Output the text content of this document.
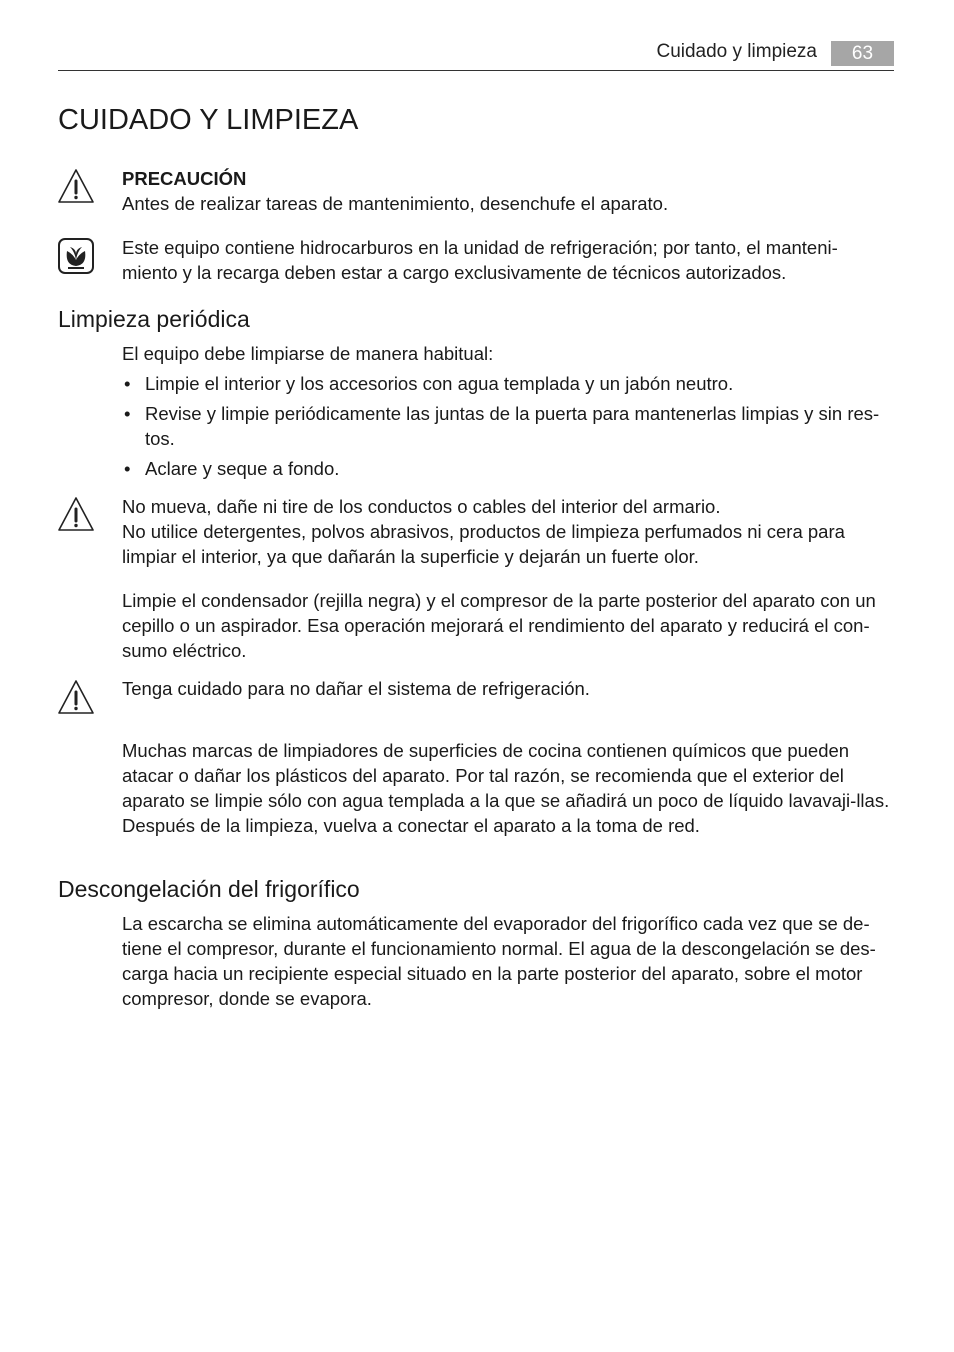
Cuidado y limpieza	63
CUIDADO Y LIMPIEZA

PRECAUCIÓN

Antes de realizar tareas de mantenimiento, desenchufe el aparato.

Este equipo contiene hidrocarburos en la unidad de refrigeración; por tanto, el manteni-

miento y la recarga deben estar a cargo exclusivamente de técnicos autorizados.

Limpieza periódica

El equipo debe limpiarse de manera habitual:

• Limpie el interior y los accesorios con agua templada y un jabón neutro.
• Revise y limpie periódicamente las juntas de la puerta para mantenerlas limpias y sin res-tos.
• Aclare y seque a fondo.

No mueva, dañe ni tire de los conductos o cables del interior del armario.

No utilice detergentes, polvos abrasivos, productos de limpieza perfumados ni cera para limpiar el interior, ya que dañarán la superficie y dejarán un fuerte olor.

Limpie el condensador (rejilla negra) y el compresor de la parte posterior del aparato con un cepillo o un aspirador. Esa operación mejorará el rendimiento del aparato y reducirá el con-sumo eléctrico.

Tenga cuidado para no dañar el sistema de refrigeración.

Muchas marcas de limpiadores de superficies de cocina contienen químicos que pueden atacar o dañar los plásticos del aparato. Por tal razón, se recomienda que el exterior del aparato se limpie sólo con agua templada a la que se añadirá un poco de líquido lavavaji-llas.

Después de la limpieza, vuelva a conectar el aparato a la toma de red.

Descongelación del frigorífico

La escarcha se elimina automáticamente del evaporador del frigorífico cada vez que se de-tiene el compresor, durante el funcionamiento normal. El agua de la descongelación se des-carga hacia un recipiente especial situado en la parte posterior del aparato, sobre el motor compresor, donde se evapora.
